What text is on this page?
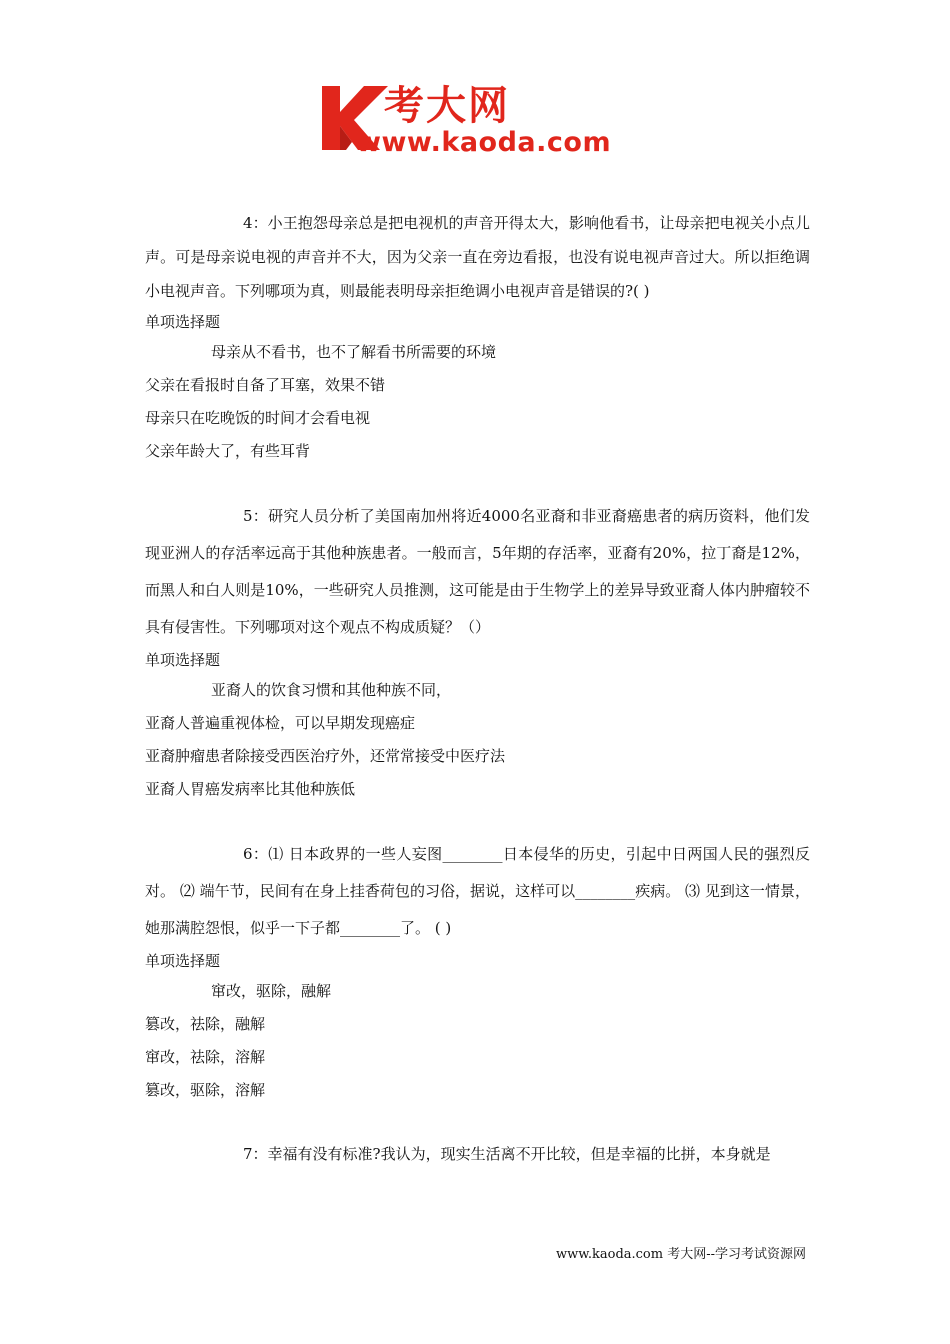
考大网
www.kaoda.com

4：小王抱怨母亲总是把电视机的声音开得太大，影响他看书，让母亲把电视关小点儿声。可是母亲说电视的声音并不大，因为父亲一直在旁边看报，也没有说电视声音过大。所以拒绝调小电视声音。下列哪项为真，则最能表明母亲拒绝调小电视声音是错误的?( )

单项选择题

母亲从不看书，也不了解看书所需要的环境
父亲在看报时自备了耳塞，效果不错
母亲只在吃晚饭的时间才会看电视
父亲年龄大了，有些耳背

5：研究人员分析了美国南加州将近4000名亚裔和非亚裔癌患者的病历资料，他们发现亚洲人的存活率远高于其他种族患者。一般而言，5年期的存活率，亚裔有20%，拉丁裔是12%，而黑人和白人则是10%，一些研究人员推测，这可能是由于生物学上的差异导致亚裔人体内肿瘤较不具有侵害性。下列哪项对这个观点不构成质疑？（）

单项选择题

亚裔人的饮食习惯和其他种族不同，
亚裔人普遍重视体检，可以早期发现癌症
亚裔肿瘤患者除接受西医治疗外，还常常接受中医疗法
亚裔人胃癌发病率比其他种族低

6：⑴ 日本政界的一些人妄图________日本侵华的历史，引起中日两国人民的强烈反对。 ⑵ 端午节，民间有在身上挂香荷包的习俗，据说，这样可以________疾病。 ⑶ 见到这一情景，她那满腔怨恨，似乎一下子都________了。 ( )

单项选择题

窜改，驱除，融解
篡改，祛除，融解
窜改，祛除，溶解
篡改，驱除，溶解

7：幸福有没有标准?我认为，现实生活离不开比较，但是幸福的比拼，本身就是

www.kaoda.com 考大网--学习考试资源网
